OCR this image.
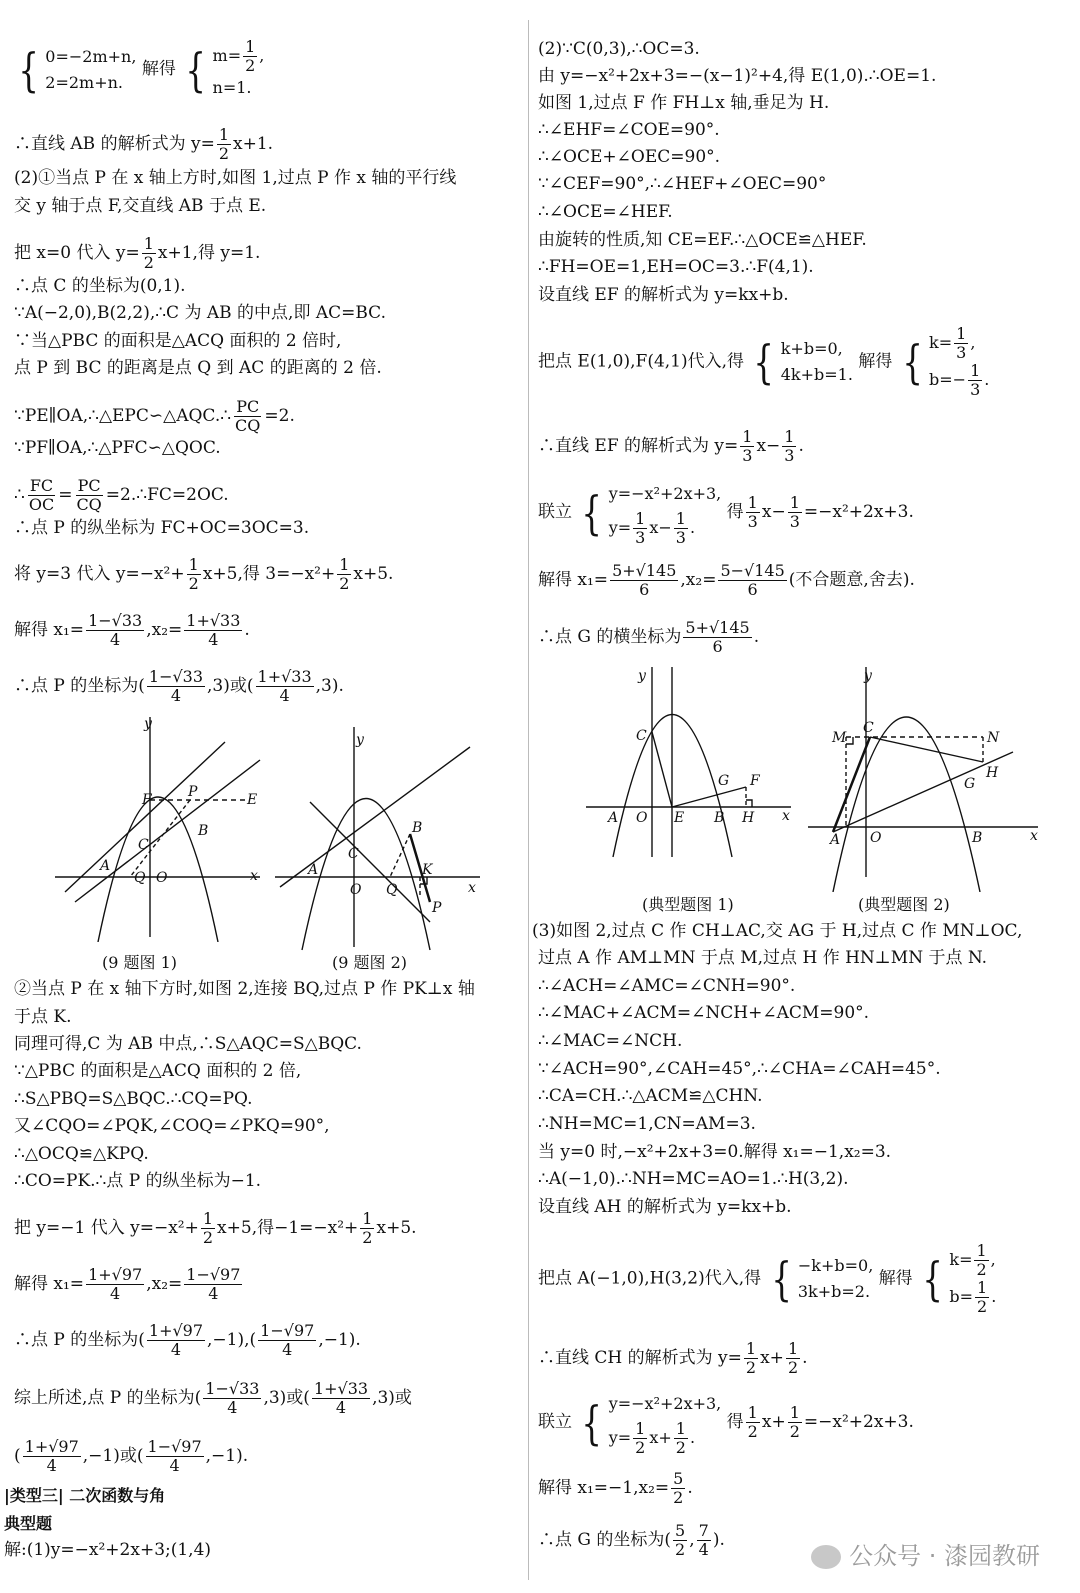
{ 0=−2m+n,
2=2m+n.
解得 { $m= \frac{1}{2}$ ,
n=1.
∴直线 AB 的解析式为 $y= \frac{1}{2} x+1$.
(2)①当点 P 在 x 轴上方时,如图 1,过点 P 作 x 轴的平行线
交 y 轴于点 F,交直线 AB 于点 E.
把 x=0 代入 $y= \frac{1}{2} x+1$,得 y=1.
∴点 C 的坐标为(0,1).
∵A(−2,0),B(2,2),∴C 为 AB 的中点,即 AC=BC.
∵当△PBC 的面积是△ACQ 面积的 2 倍时,
点 P 到 BC 的距离是点 Q 到 AC 的距离的 2 倍.
∵PE∥OA,∴△EPC∽△AQC.∴ $\frac{PC}{CQ} =2$.
∵PF∥OA,∴△PFC∽△QOC.
∴ $\frac{FC}{OC} = \frac{PC}{CQ}$ =2.∴FC=2OC.
∴点 P 的纵坐标为 FC+OC=3OC=3.
将 y=3 代入 $y=-x^2+ \frac{1}{2} x+5$,得 $3=-x^2+ \frac{1}{2} x+5$.
解得 $x_1= \frac{1-√33}{4} ,x_2= \frac{1+√33}{4}$ .
∴点 P 的坐标为( $\frac{1-√33}{4} ,3$)或( $\frac{1+√33}{4} ,3$).
y
x
A
C
F	P	E
B
Q O
(9 题图 1)
y
x
A
C
B
O Q
K
P
(9 题图 2)
②当点 P 在 x 轴下方时,如图 2,连接 BQ,过点 P 作 PK⊥x 轴
于点 K.
同理可得,C 为 AB 中点,∴S△AQC=S△BQC.
∵△PBC 的面积是△ACQ 面积的 2 倍,
∴S△PBQ=S△BQC.∴CQ=PQ.
又∠CQO=∠PQK,∠COQ=∠PKQ=90°,
∴△OCQ≌△KPQ.
∴CO=PK.∴点 P 的纵坐标为−1.
把 y=−1 代入 $y=-x^2+ \frac{1}{2} x+5$,得$-1=-x^2+ \frac{1}{2} x+5$.
解得 $x_1= \frac{1+√97}{4} ,x_2= \frac{1-√97}{4}$
∴点 P 的坐标为( $\frac{1+√97}{4} ,-1),( \frac{1-√97}{4} ,-1)$.
综上所述,点 P 的坐标为( $\frac{1-√33}{4} ,3$)或( $\frac{1+√33}{4} ,3$)或
( $\frac{1+√97}{4} ,-1$)或( $\frac{1-√97}{4} ,-1$).
|类型三| 二次函数与角
典型题
解:(1)y=−x²+2x+3;(1,4)
(2)∵C(0,3),∴OC=3.
由 y=−x²+2x+3=−(x−1)²+4,得 E(1,0).∴OE=1.
如图 1,过点 F 作 FH⊥x 轴,垂足为 H.
∴∠EHF=∠COE=90°.
∴∠OCE+∠OEC=90°.
∵∠CEF=90°,∴∠HEF+∠OEC=90°
∴∠OCE=∠HEF.
由旋转的性质,知 CE=EF.∴△OCE≌△HEF.
∴FH=OE=1,EH=OC=3.∴F(4,1).
设直线 EF 的解析式为 y=kx+b.
把点 E(1,0),F(4,1)代入,得 { k+b=0,
4k+b=1.
解得 { $k= \frac{1}{3}$ ,
$b=- \frac{1}{3}$ .
∴直线 EF 的解析式为 $y= \frac{1}{3} x- \frac{1}{3}$ .
联立 { y=−x²+2x+3,
$y= \frac{1}{3} x- \frac{1}{3}$ .
得 $\frac{1}{3} x- \frac{1}{3} =-x^2+2x+3$.
解得 $x_1= \frac{5+√145}{6} ,x_2= \frac{5-√145}{6}$ (不合题意,舍去).
∴点 G 的横坐标为 $\frac{5+√145}{6}$ .
y
x
C
A O E B H
G F
(典型题图 1)
y
x
M
C
N
H
G
A O	B
(典型题图 2)
(3)如图 2,过点 C 作 CH⊥AC,交 AG 于 H,过点 C 作 MN⊥OC,
过点 A 作 AM⊥MN 于点 M,过点 H 作 HN⊥MN 于点 N.
∴∠ACH=∠AMC=∠CNH=90°.
∴∠MAC+∠ACM=∠NCH+∠ACM=90°.
∴∠MAC=∠NCH.
∵∠ACH=90°,∠CAH=45°,∴∠CHA=∠CAH=45°.
∴CA=CH.∴△ACM≌△CHN.
∴NH=MC=1,CN=AM=3.
当 y=0 时,−x²+2x+3=0.解得 x₁=−1,x₂=3.
∴A(−1,0).∴NH=MC=AO=1.∴H(3,2).
设直线 AH 的解析式为 y=kx+b.
把点 A(−1,0),H(3,2)代入,得 { −k+b=0,
3k+b=2.
解得 { $k= \frac{1}{2}$ ,
$b= \frac{1}{2}$ .
∴直线 CH 的解析式为 $y= \frac{1}{2} x+ \frac{1}{2}$ .
联立 { y=−x²+2x+3,
$y= \frac{1}{2} x+ \frac{1}{2}$ .
得 $\frac{1}{2} x+ \frac{1}{2} =-x^2+2x+3$.
解得 $x_1=-1,x_2= \frac{5}{2}$ .
∴点 G 的坐标为( $\frac{5}{2}$ , $\frac{7}{4}$ ).
公众号 · 漆园教研
